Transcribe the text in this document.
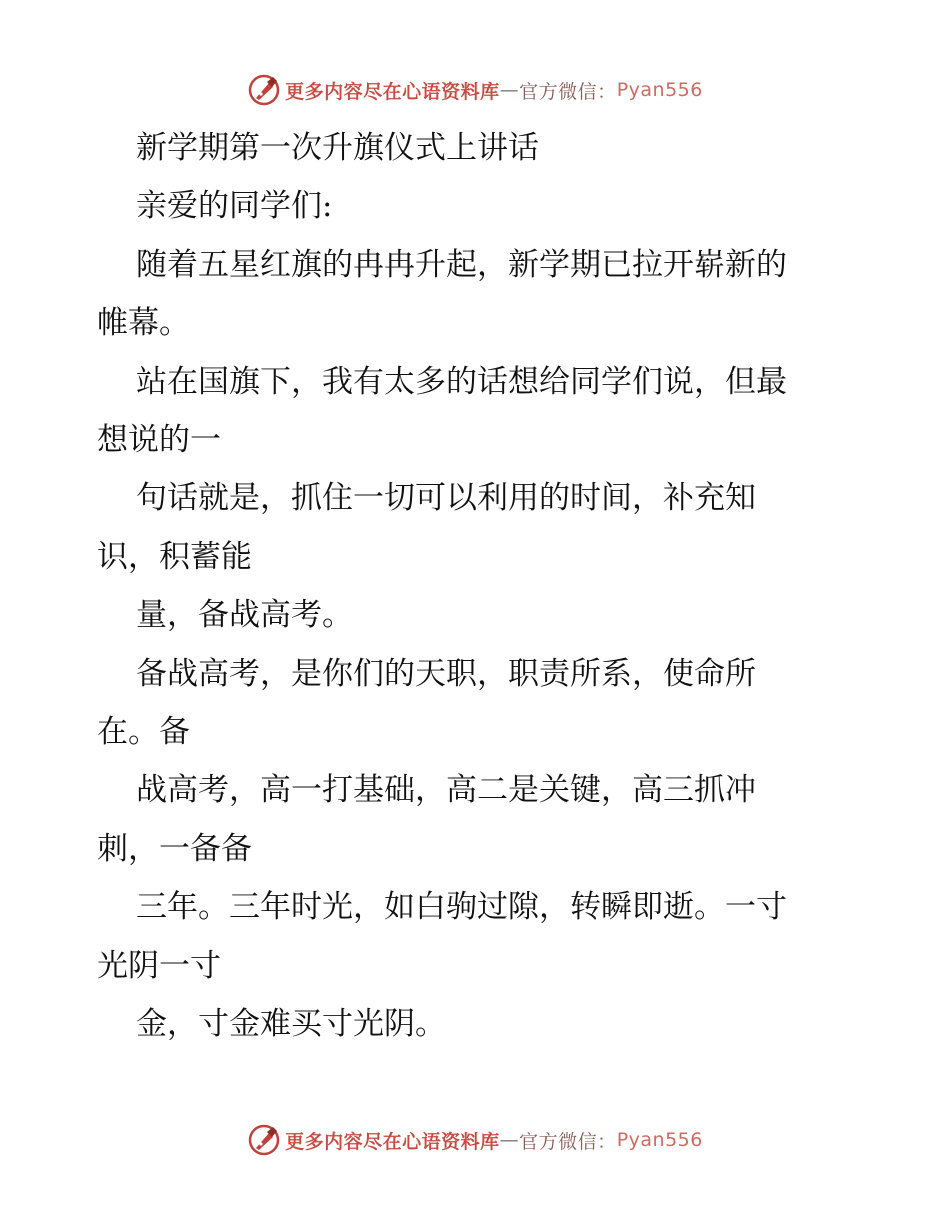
更多内容尽在心语资料库 — 官方微信： Pyan556

新学期第一次升旗仪式上讲话

亲爱的同学们:

随着五星红旗的冉冉升起，新学期已拉开崭新的
帷幕。

站在国旗下，我有太多的话想给同学们说，但最
想说的一

句话就是，抓住一切可以利用的时间，补充知
识，积蓄能

量，备战高考。

备战高考，是你们的天职，职责所系，使命所
在。备

战高考，高一打基础，高二是关键，高三抓冲
刺，一备备

三年。三年时光，如白驹过隙，转瞬即逝。一寸
光阴一寸

金，寸金难买寸光阴。

更多内容尽在心语资料库 — 官方微信： Pyan556
